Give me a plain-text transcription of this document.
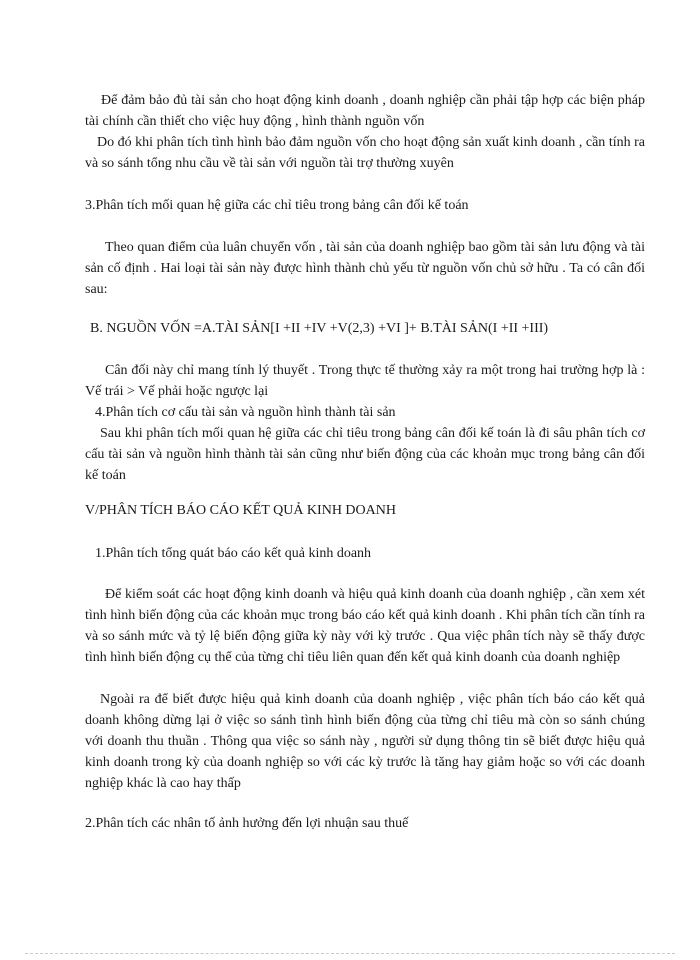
Để đảm bảo đủ tài sản cho hoạt động kinh doanh , doanh nghiệp cần phải tập hợp các biện pháp tài chính cần thiết cho việc huy động , hình thành nguồn vốn

Do đó khi phân tích tình hình bảo đảm nguồn vốn cho hoạt động sản xuất kinh doanh , cần tính ra và so sánh tổng nhu cầu về tài sản với nguồn tài trợ thường xuyên

3.Phân tích mối quan hệ giữa các chỉ tiêu trong bảng cân đối kế toán

Theo quan điểm của luân chuyển vốn , tài sản của doanh nghiệp bao gồm tài sản lưu động và tài sản cố định . Hai loại tài sản này được hình thành chủ yếu từ nguồn vốn chủ sở hữu . Ta có cân đối sau:

B. NGUỒN VỐN =A.TÀI SẢN[I +II +IV +V(2,3) +VI ]+ B.TÀI SẢN(I +II +III)

Cân đối này chỉ mang tính lý thuyết . Trong thực tế thường xảy ra một trong hai trường hợp là : Vế trái > Vế phải hoặc ngược lại

4.Phân tích cơ cấu tài sản và nguồn hình thành tài sản

Sau khi phân tích mối quan hệ giữa các chỉ tiêu trong bảng cân đối kế toán là đi sâu phân tích cơ cấu tài sản và nguồn hình thành tài sản cũng như biến động của các khoản mục trong bảng cân đối kế toán

V/PHÂN TÍCH BÁO CÁO KẾT QUẢ KINH DOANH

1.Phân tích tổng quát báo cáo kết quả kinh doanh

Để kiểm soát các hoạt động kinh doanh và hiệu quả kinh doanh của doanh nghiệp , cần xem xét tình hình biến động của các khoản mục trong báo cáo kết quả kinh doanh . Khi phân tích cần tính ra và so sánh mức và tỷ lệ biến động giữa kỳ này với kỳ trước . Qua việc phân tích này sẽ thấy được tình hình biến động cụ thể của từng chỉ tiêu liên quan đến kết quả kinh doanh của doanh nghiệp

Ngoài ra để biết được hiệu quả kinh doanh của doanh nghiệp , việc phân tích báo cáo kết quả doanh không dừng lại ở việc so sánh tình hình biến động của từng chỉ tiêu mà còn so sánh chúng với doanh thu thuần . Thông qua việc so sánh này , người sử dụng thông tin sẽ biết được hiệu quả kinh doanh trong kỳ của doanh nghiệp so với các kỳ trước là tăng hay giảm hoặc so với các doanh nghiệp khác là cao hay thấp

2.Phân tích các nhân tố ảnh hưởng đến lợi nhuận sau thuế
